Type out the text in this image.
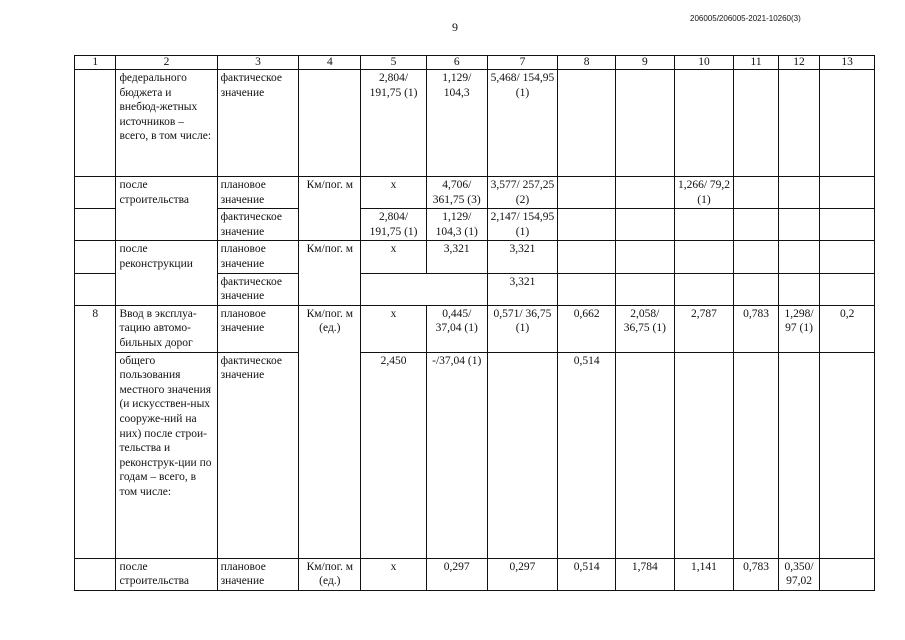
9
206005/206005-2021-10260(3)
1	2	3	4	5	6	7	8	9	10	11	12	13
	федерального бюджета и внебюд-жетных источников – всего, в том числе:	фактическое значение		2,804/ 191,75 (1)	1,129/ 104,3	5,468/ 154,95 (1)						
	после строительства	плановое значение	Км/пог. м	х	4,706/ 361,75 (3)	3,577/ 257,25 (2)			1,266/ 79,2 (1)			
		фактическое значение		2,804/ 191,75 (1)	1,129/ 104,3 (1)	2,147/ 154,95 (1)						
	после реконструкции	плановое значение	Км/пог. м	х	3,321	3,321						
		фактическое значение				3,321						
8	Ввод в эксплуа-тацию автомо-бильных дорог	плановое значение	Км/пог. м (ед.)	х	0,445/ 37,04 (1)	0,571/ 36,75 (1)	0,662	2,058/ 36,75 (1)	2,787	0,783	1,298/ 97 (1)	0,2
	общего пользования местного значения (и искусствен-ных сооруже-ний на них) после строи-тельства и реконструк-ции по годам – всего, в том числе:	фактическое значение		2,450	-/37,04 (1)		0,514					
	после строительства	плановое значение	Км/пог. м (ед.)	х	0,297	0,297	0,514	1,784	1,141	0,783	0,350/ 97,02	
